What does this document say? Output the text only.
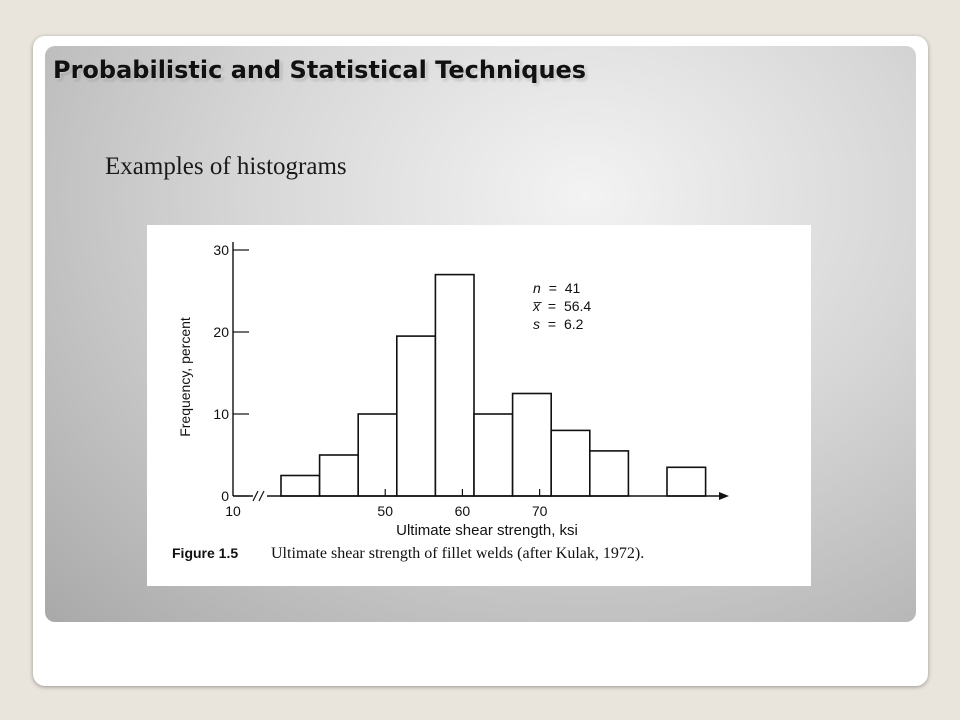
Probabilistic and Statistical Techniques

Examples of histograms

0
10
20
30
10	50	60	70
Frequency, percent
Ultimate shear strength, ksi
n = 41
x̅ = 56.4
s = 6.2
Figure 1.5 Ultimate shear strength of fillet welds (after Kulak, 1972).
